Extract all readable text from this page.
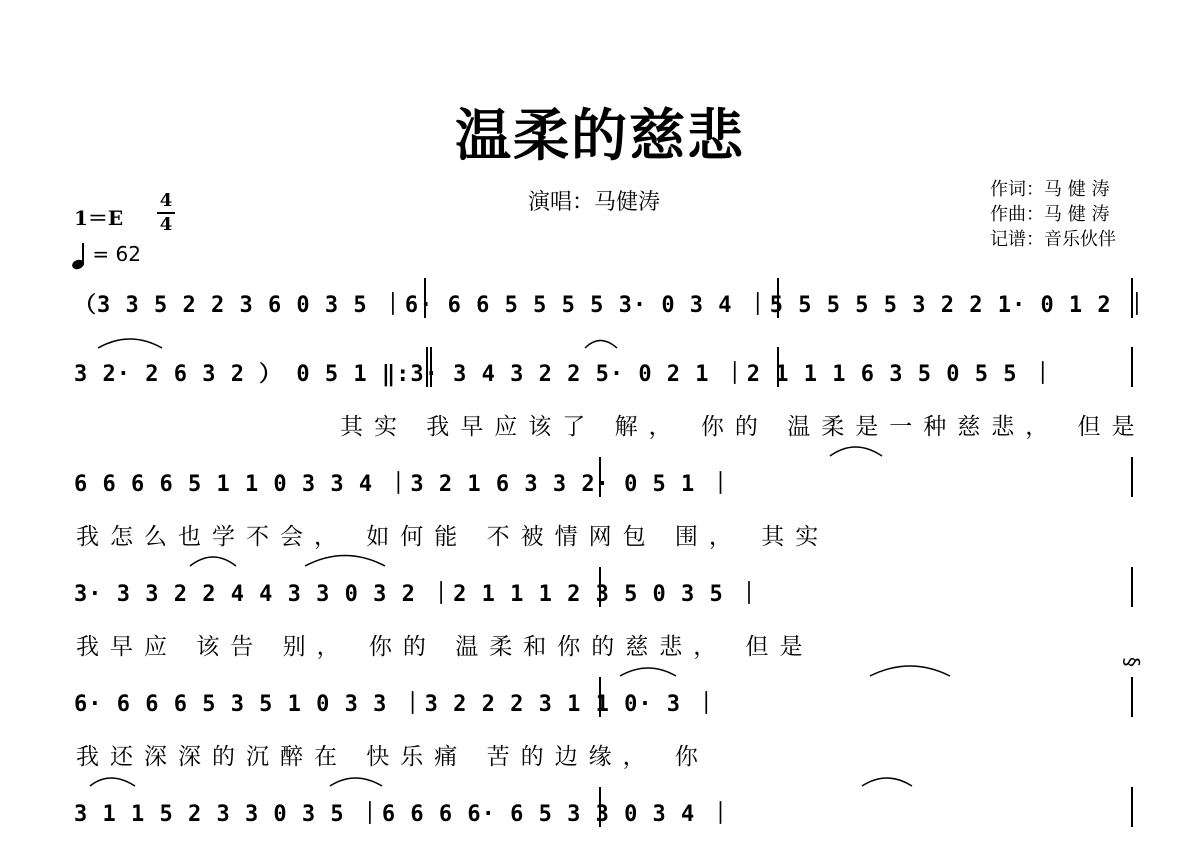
温柔的慈悲
演唱：马健涛
作词：马 健 涛
作曲：马 健 涛
记谱：音乐伙伴
1＝E
4
4
= 62
（3 3 5 2 2 3 6 0 3 5 ｜6· 6 6 5 5 5 5 3· 0 3 4 ｜5 5 5 5 5 3 2 2 1· 0 1 2 ｜
3 2· 2 6 3 2 ） 0 5 1 ‖:3· 3 4 3 2 2 5· 0 2 1 ｜2 1 1 1 6 3 5 0 5 5 ｜
其实 我早应该了 解， 你的 温柔是一种慈悲， 但是
6 6 6 6 5 1 1 0 3 3 4 ｜3 2 1 6 3 3 2· 0 5 1 ｜
我怎么也学不会， 如何能 不被情网包 围， 其实
3· 3 3 2 2 4 4 3 3 0 3 2 ｜2 1 1 1 2 3 5 0 3 5 ｜
我早应 该告 别， 你的 温柔和你的慈悲， 但是
6· 6 6 6 5 3 5 1 0 3 3 ｜3 2 2 2 3 1 1 0· 3 ｜
我还深深的沉醉在 快乐痛 苦的边缘， 你
3 1 1 5 2 3 3 0 3 5 ｜6 6 6 6· 6 5 3 3 0 3 4 ｜
§
